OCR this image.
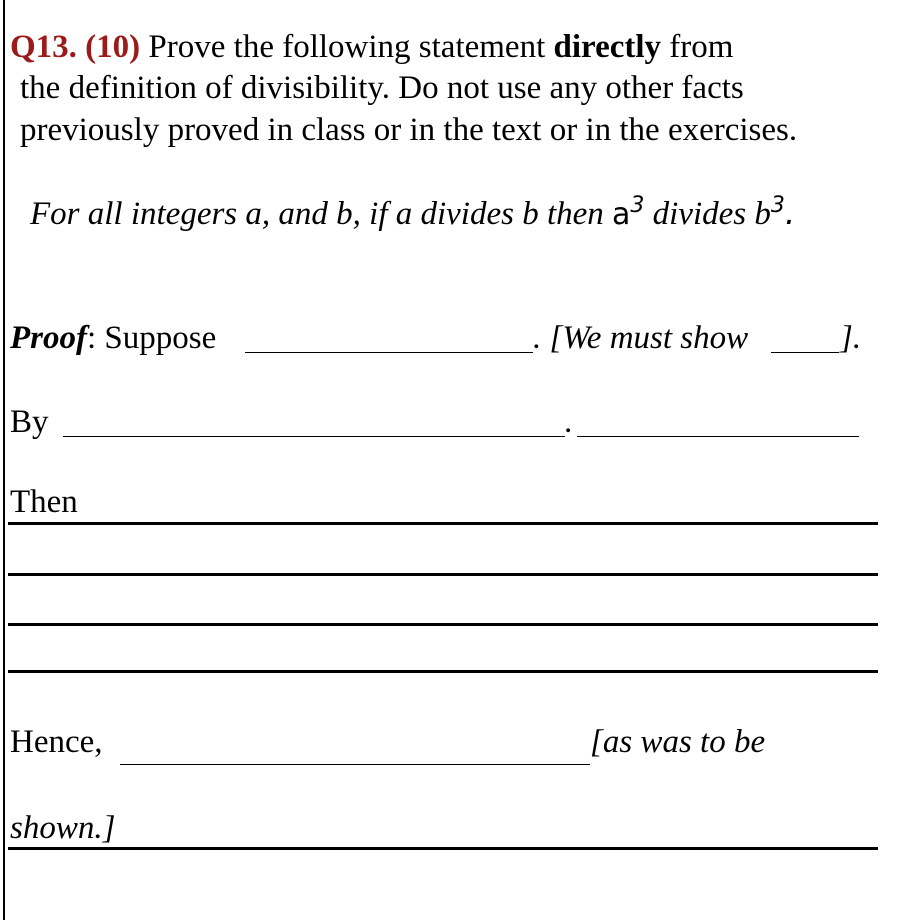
Q13. (10) Prove the following statement directly from
the definition of divisibility. Do not use any other facts
previously proved in class or in the text or in the exercises.
For all integers a, and b, if a divides b then $a^3$ divides $b^3$.
Proof: Suppose	. [We must show	].
By	.
Then
Hence,	[as was to be
shown.]
